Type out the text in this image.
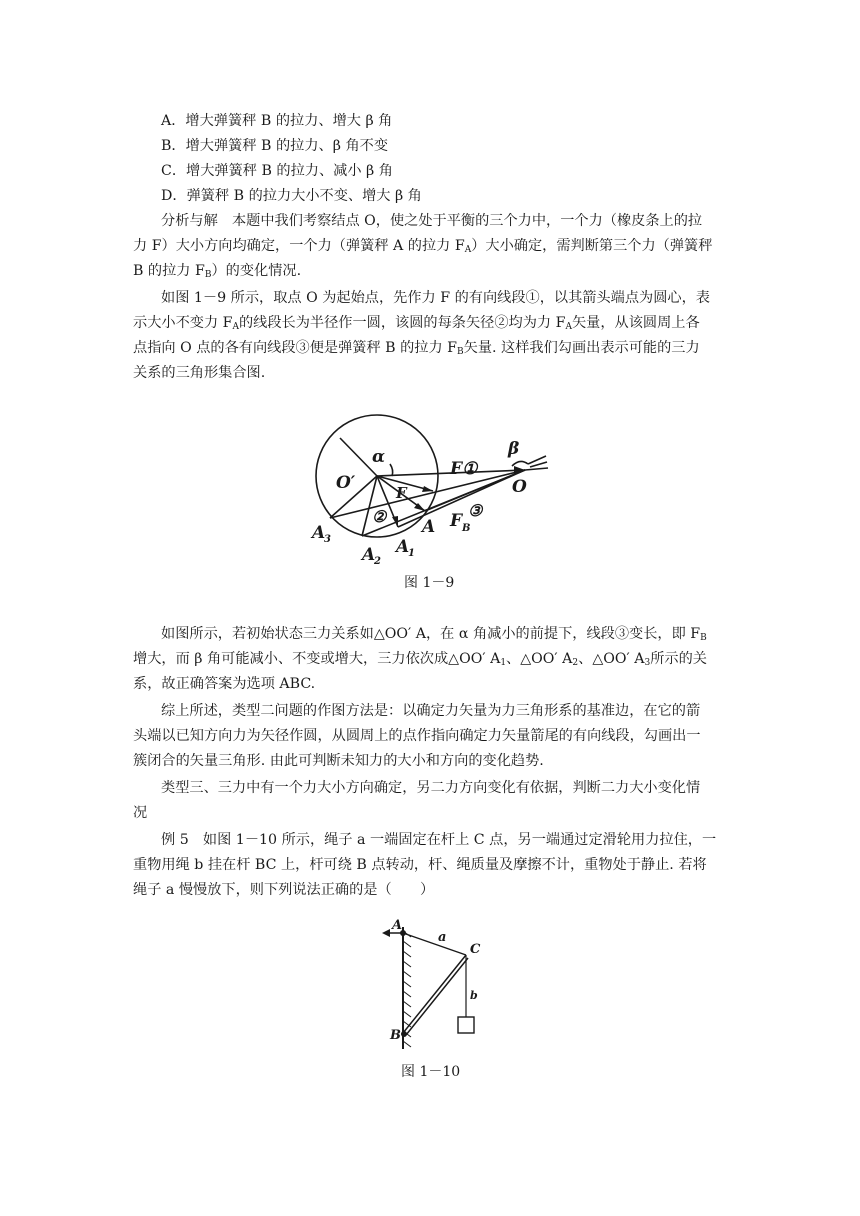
A．增大弹簧秤 B 的拉力、增大 β 角
B．增大弹簧秤 B 的拉力、β 角不变
C．增大弹簧秤 B 的拉力、减小 β 角
D．弹簧秤 B 的拉力大小不变、增大 β 角
分析与解　本题中我们考察结点 O，使之处于平衡的三个力中，一个力（橡皮条上的拉
力 F）大小方向均确定，一个力（弹簧秤 A 的拉力 $F_A$）大小确定，需判断第三个力（弹簧秤
B 的拉力 $F_B$）的变化情况.
如图 1－9 所示，取点 O 为起始点，先作力 F 的有向线段①，以其箭头端点为圆心，表
示大小不变力 $F_A$的线段长为半径作一圆，该圆的每条矢径②均为力 $F_A$矢量，从该圆周上各
点指向 O 点的各有向线段③便是弹簧秤 B 的拉力 $F_B$矢量. 这样我们勾画出表示可能的三力
关系的三角形集合图.
α
O′
F①
β
O
F
②	F B
③
A
A
1
A
2
A
3
图 1－9
如图所示，若初始状态三力关系如△OO′ A，在 α 角减小的前提下，线段③变长，即 $F_B$
增大，而 β 角可能减小、不变或增大，三力依次成△OO′ $A_1$、△OO′ $A_2$、△OO′ $A_3$所示的关
系，故正确答案为选项 ABC.
综上所述，类型二问题的作图方法是：以确定力矢量为力三角形系的基准边，在它的箭
头端以已知方向力为矢径作圆，从圆周上的点作指向确定力矢量箭尾的有向线段，勾画出一
簇闭合的矢量三角形. 由此可判断未知力的大小和方向的变化趋势.
类型三、三力中有一个力大小方向确定，另二力方向变化有依据，判断二力大小变化情
况
例 5　如图 1－10 所示，绳子 a 一端固定在杆上 C 点，另一端通过定滑轮用力拉住，一
重物用绳 b 挂在杆 BC 上，杆可绕 B 点转动，杆、绳质量及摩擦不计，重物处于静止. 若将
绳子 a 慢慢放下，则下列说法正确的是（　　）
A
a
C
b
B
图 1－10
